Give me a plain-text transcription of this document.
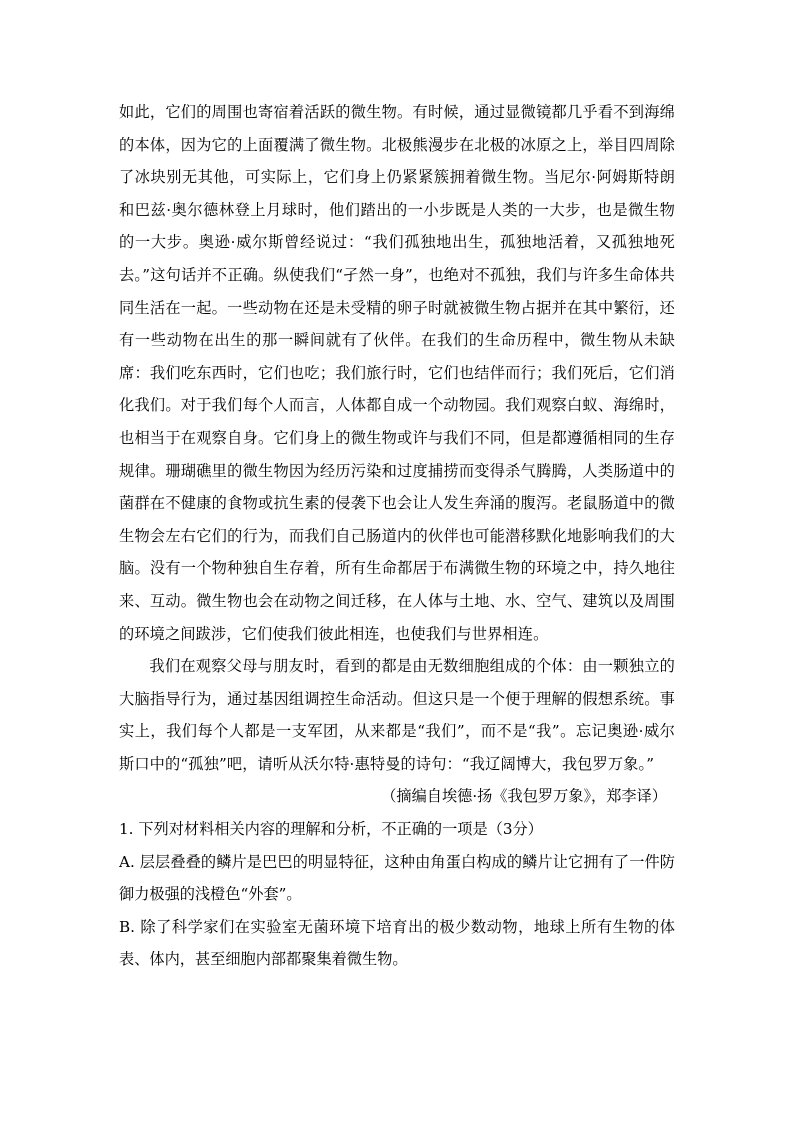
如此，它们的周围也寄宿着活跃的微生物。有时候，通过显微镜都几乎看不到海绵的本体，因为它的上面覆满了微生物。北极熊漫步在北极的冰原之上，举目四周除了冰块别无其他，可实际上，它们身上仍紧紧簇拥着微生物。当尼尔·阿姆斯特朗和巴兹·奥尔德林登上月球时，他们踏出的一小步既是人类的一大步，也是微生物的一大步。奥逊·威尔斯曾经说过：“我们孤独地出生，孤独地活着，又孤独地死去。”这句话并不正确。纵使我们“孑然一身”，也绝对不孤独，我们与许多生命体共同生活在一起。一些动物在还是未受精的卵子时就被微生物占据并在其中繁衍，还有一些动物在出生的那一瞬间就有了伙伴。在我们的生命历程中，微生物从未缺席：我们吃东西时，它们也吃；我们旅行时，它们也结伴而行；我们死后，它们消化我们。对于我们每个人而言，人体都自成一个动物园。我们观察白蚁、海绵时，也相当于在观察自身。它们身上的微生物或许与我们不同，但是都遵循相同的生存规律。珊瑚礁里的微生物因为经历污染和过度捕捞而变得杀气腾腾，人类肠道中的菌群在不健康的食物或抗生素的侵袭下也会让人发生奔涌的腹泻。老鼠肠道中的微生物会左右它们的行为，而我们自己肠道内的伙伴也可能潜移默化地影响我们的大脑。没有一个物种独自生存着，所有生命都居于布满微生物的环境之中，持久地往来、互动。微生物也会在动物之间迁移，在人体与土地、水、空气、建筑以及周围的环境之间跋涉，它们使我们彼此相连，也使我们与世界相连。

我们在观察父母与朋友时，看到的都是由无数细胞组成的个体：由一颗独立的大脑指导行为，通过基因组调控生命活动。但这只是一个便于理解的假想系统。事实上，我们每个人都是一支军团，从来都是“我们”，而不是“我”。忘记奥逊·威尔斯口中的“孤独”吧，请听从沃尔特·惠特曼的诗句：“我辽阔博大，我包罗万象。”

（摘编自埃德·扬《我包罗万象》，郑李译）

1. 下列对材料相关内容的理解和分析，不正确的一项是（3分）

A. 层层叠叠的鳞片是巴巴的明显特征，这种由角蛋白构成的鳞片让它拥有了一件防御力极强的浅橙色“外套”。

B. 除了科学家们在实验室无菌环境下培育出的极少数动物，地球上所有生物的体表、体内，甚至细胞内部都聚集着微生物。
